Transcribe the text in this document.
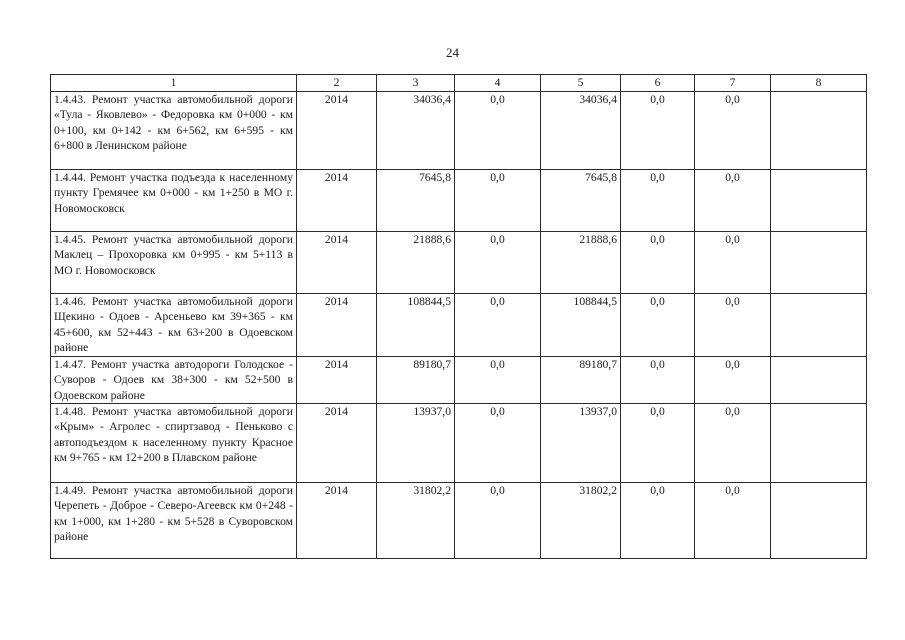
24
1	2	3	4	5	6	7	8
1.4.43. Ремонт участка автомобильной дороги «Тула - Яковлево» - Федоровка км 0+000 - км 0+100, км 0+142 - км 6+562, км 6+595 - км 6+800 в Ленинском районе	2014	34036,4	0,0	34036,4	0,0	0,0	
1.4.44. Ремонт участка подъезда к населенному пункту Гремячее км 0+000 - км 1+250 в МО г. Новомосковск	2014	7645,8	0,0	7645,8	0,0	0,0	
1.4.45. Ремонт участка автомобильной дороги Маклец – Прохоровка км 0+995 - км 5+113 в МО г. Новомосковск	2014	21888,6	0,0	21888,6	0,0	0,0	
1.4.46. Ремонт участка автомобильной дороги Щекино - Одоев - Арсеньево км 39+365 - км 45+600, км 52+443 - км 63+200 в Одоевском районе	2014	108844,5	0,0	108844,5	0,0	0,0	
1.4.47. Ремонт участка автодороги Голодское - Суворов - Одоев км 38+300 - км 52+500 в Одоевском районе	2014	89180,7	0,0	89180,7	0,0	0,0	
1.4.48. Ремонт участка автомобильной дороги «Крым» - Агролес - спиртзавод - Пеньково с автоподъездом к населенному пункту Красное км 9+765 - км 12+200 в Плавском районе	2014	13937,0	0,0	13937,0	0,0	0,0	
1.4.49. Ремонт участка автомобильной дороги Черепеть - Доброе - Северо-Агеевск км 0+248 - км 1+000, км 1+280 - км 5+528 в Суворовском районе	2014	31802,2	0,0	31802,2	0,0	0,0	
